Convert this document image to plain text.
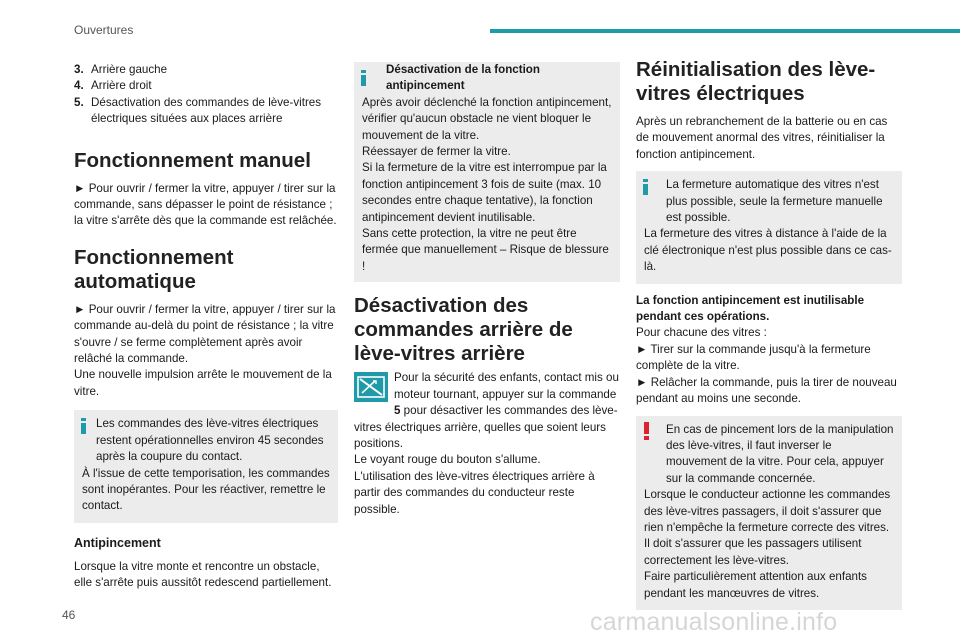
Ouvertures
3. Arrière gauche
4. Arrière droit
5. Désactivation des commandes de lève-vitres électriques situées aux places arrière
Fonctionnement manuel

► Pour ouvrir / fermer la vitre, appuyer / tirer sur la commande, sans dépasser le point de résistance ; la vitre s'arrête dès que la commande est relâchée.

Fonctionnement automatique

► Pour ouvrir / fermer la vitre, appuyer / tirer sur la commande au-delà du point de résistance ; la vitre s'ouvre / se ferme complètement après avoir relâché la commande.

Une nouvelle impulsion arrête le mouvement de la vitre.

Les commandes des lève-vitres électriques restent opérationnelles environ 45 secondes après la coupure du contact.

À l'issue de cette temporisation, les commandes sont inopérantes. Pour les réactiver, remettre le contact.

Antipincement

Lorsque la vitre monte et rencontre un obstacle, elle s'arrête puis aussitôt redescend partiellement.

Désactivation de la fonction antipincement

Après avoir déclenché la fonction antipincement, vérifier qu'aucun obstacle ne vient bloquer le mouvement de la vitre.

Réessayer de fermer la vitre.

Si la fermeture de la vitre est interrompue par la fonction antipincement 3 fois de suite (max. 10 secondes entre chaque tentative), la fonction antipincement devient inutilisable.

Sans cette protection, la vitre ne peut être fermée que manuellement – Risque de blessure !

Désactivation des commandes arrière de lève-vitres arrière

Pour la sécurité des enfants, contact mis ou moteur tournant, appuyer sur la commande 5 pour désactiver les commandes des lève-vitres électriques arrière, quelles que soient leurs positions.

Le voyant rouge du bouton s'allume.

L'utilisation des lève-vitres électriques arrière à partir des commandes du conducteur reste possible.

Réinitialisation des lève-vitres électriques

Après un rebranchement de la batterie ou en cas de mouvement anormal des vitres, réinitialiser la fonction antipincement.

La fermeture automatique des vitres n'est plus possible, seule la fermeture manuelle est possible.

La fermeture des vitres à distance à l'aide de la clé électronique n'est plus possible dans ce cas-là.

La fonction antipincement est inutilisable pendant ces opérations.

Pour chacune des vitres :

► Tirer sur la commande jusqu'à la fermeture complète de la vitre.

► Relâcher la commande, puis la tirer de nouveau pendant au moins une seconde.

En cas de pincement lors de la manipulation des lève-vitres, il faut inverser le mouvement de la vitre. Pour cela, appuyer sur la commande concernée.

Lorsque le conducteur actionne les commandes des lève-vitres passagers, il doit s'assurer que rien n'empêche la fermeture correcte des vitres.

Il doit s'assurer que les passagers utilisent correctement les lève-vitres.

Faire particulièrement attention aux enfants pendant les manœuvres de vitres.

46	carmanualsonline.info
